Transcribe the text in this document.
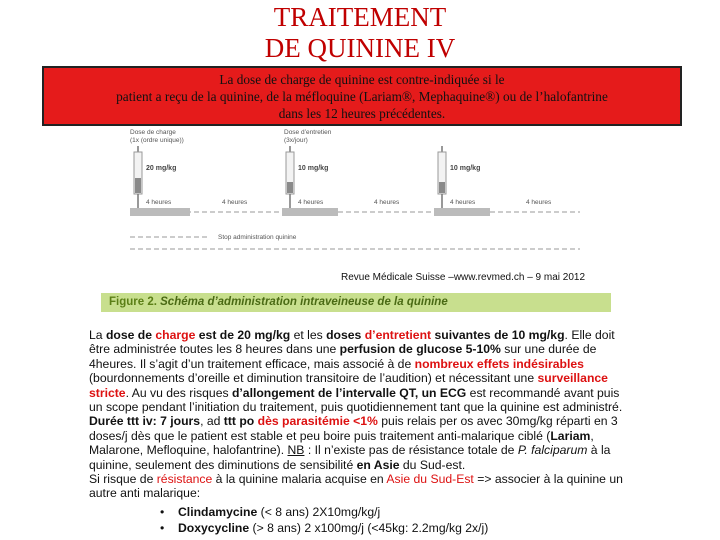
TRAITEMENT
DE QUININE IV
La dose de charge de quinine est contre-indiquée si le
patient a reçu de la quinine, de la méfloquine (Lariam®, Mephaquine®) ou de l’halofantrine
dans les 12 heures précédentes.
Dose de charge
(1x (ordre unique))
Dose d’entretien
(3x/jour)
20 mg/kg	10 mg/kg	10 mg/kg
4 heures	4 heures	4 heures	4 heures	4 heures	4 heures
Stop administration quinine
Revue Médicale Suisse –www.revmed.ch – 9 mai 2012
Figure 2. Schéma d’administration intraveineuse de la quinine

La dose de charge est de 20 mg/kg et les doses d’entretient suivantes de 10 mg/kg. Elle doit

être administrée toutes les 8 heures dans une perfusion de glucose 5-10% sur une durée de

4heures. Il s’agit d’un traitement efficace, mais associé à de nombreux effets indésirables

(bourdonnements d’oreille et diminution transitoire de l’audition) et nécessitant une surveillance

stricte. Au vu des risques d’allongement de l’intervalle QT, un ECG est recommandé avant puis

un scope pendant l’initiation du traitement, puis quotidiennement tant que la quinine est administré.

Durée ttt iv: 7 jours, ad ttt po dès parasitémie <1% puis relais per os avec 30mg/kg réparti en 3

doses/j dès que le patient est stable et peu boire puis traitement anti-malarique ciblé (Lariam,

Malarone, Mefloquine, halofantrine). NB : Il n’existe pas de résistance totale de P. falciparum à la

quinine, seulement des diminutions de sensibilité en Asie du Sud-est.

Si risque de résistance à la quinine malaria acquise en Asie du Sud-Est => associer à la quinine un

autre anti malarique:

• Clindamycine (< 8 ans) 2X10mg/kg/j
• Doxycycline (> 8 ans) 2 x100mg/j (<45kg: 2.2mg/kg 2x/j)
